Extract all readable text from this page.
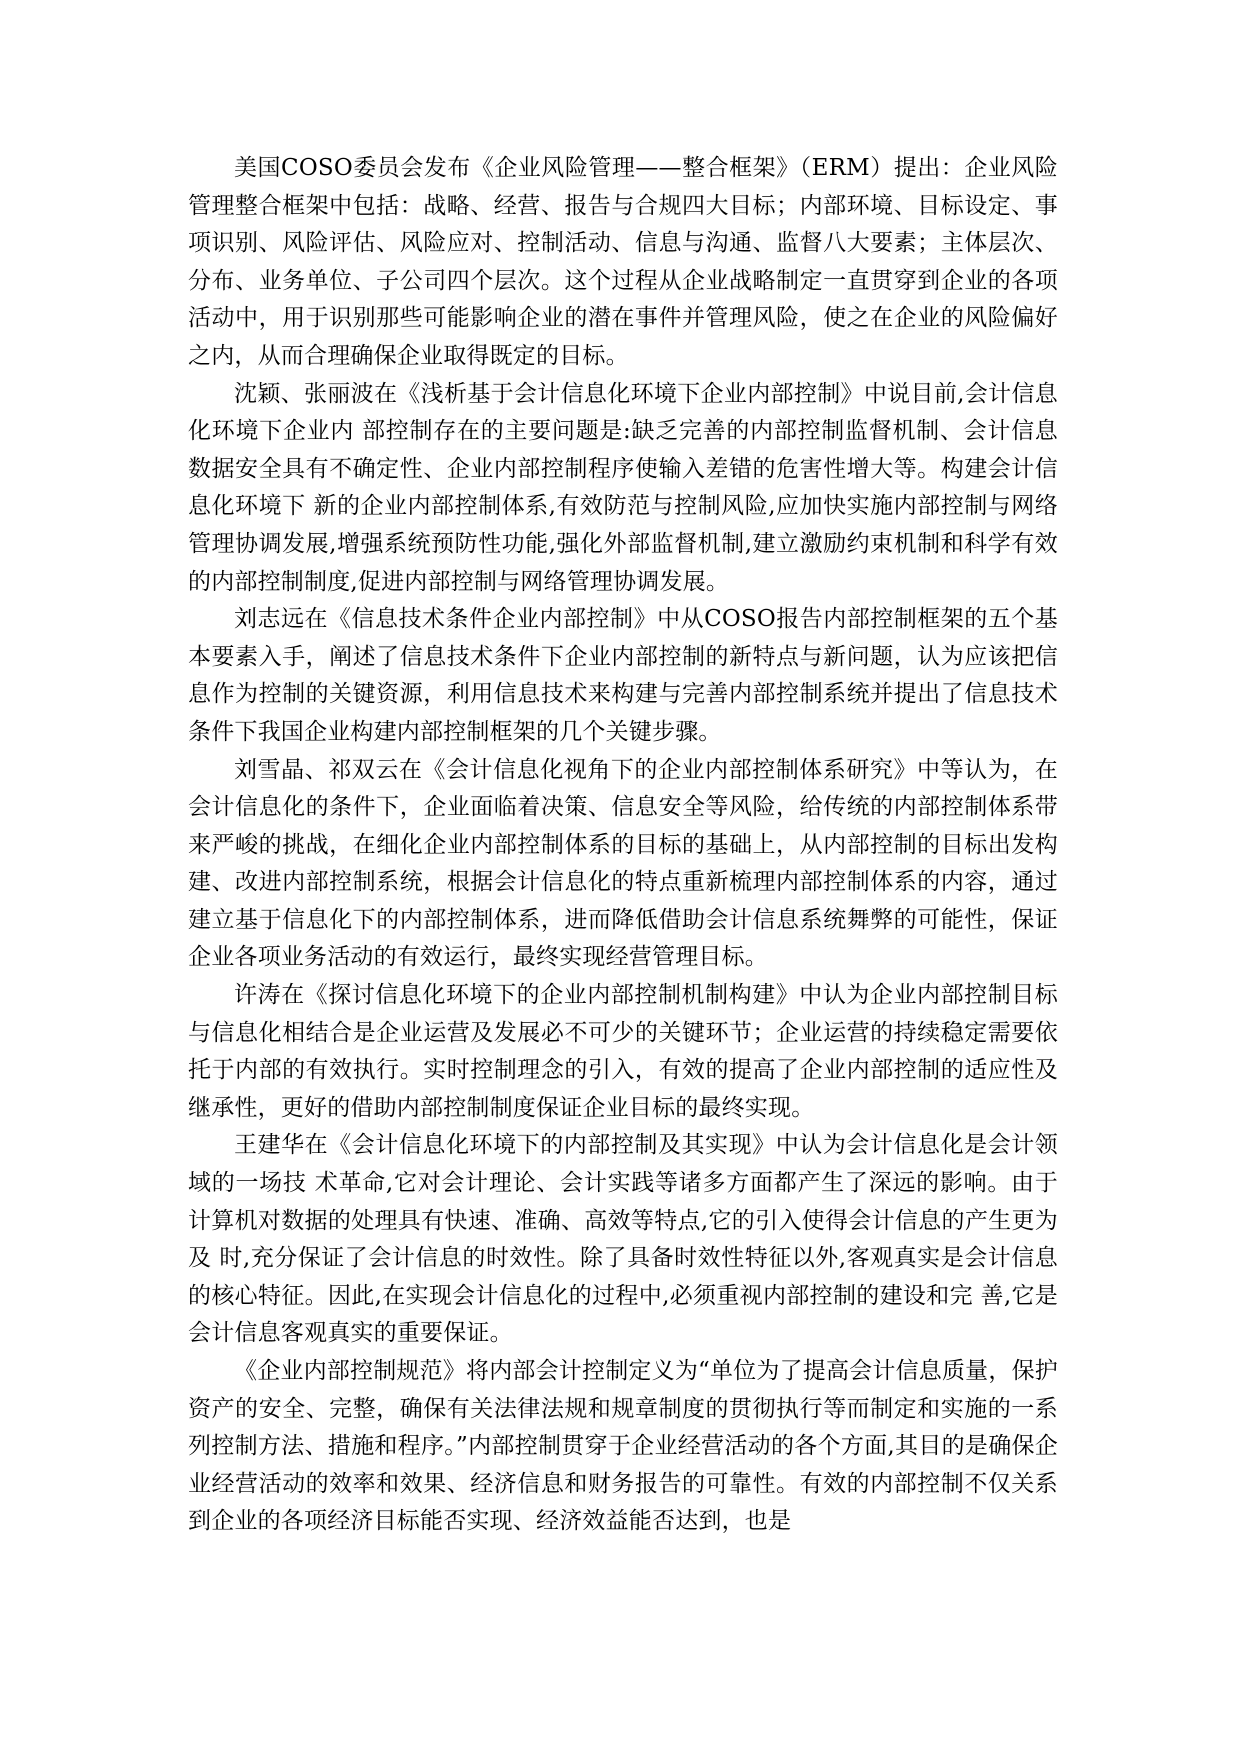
美国COSO委员会发布《企业风险管理——整合框架》（ERM）提出：企业风险管理整合框架中包括：战略、经营、报告与合规四大目标；内部环境、目标设定、事项识别、风险评估、风险应对、控制活动、信息与沟通、监督八大要素；主体层次、分布、业务单位、子公司四个层次。这个过程从企业战略制定一直贯穿到企业的各项活动中，用于识别那些可能影响企业的潜在事件并管理风险，使之在企业的风险偏好之内，从而合理确保企业取得既定的目标。

沈颖、张丽波在《浅析基于会计信息化环境下企业内部控制》中说目前,会计信息化环境下企业内 部控制存在的主要问题是:缺乏完善的内部控制监督机制、会计信息数据安全具有不确定性、企业内部控制程序使输入差错的危害性增大等。构建会计信息化环境下 新的企业内部控制体系,有效防范与控制风险,应加快实施内部控制与网络管理协调发展,增强系统预防性功能,强化外部监督机制,建立激励约束机制和科学有效 的内部控制制度,促进内部控制与网络管理协调发展。

刘志远在《信息技术条件企业内部控制》中从COSO报告内部控制框架的五个基本要素入手，阐述了信息技术条件下企业内部控制的新特点与新问题，认为应该把信息作为控制的关键资源，利用信息技术来构建与完善内部控制系统并提出了信息技术条件下我国企业构建内部控制框架的几个关键步骤。

刘雪晶、祁双云在《会计信息化视角下的企业内部控制体系研究》中等认为，在会计信息化的条件下，企业面临着决策、信息安全等风险，给传统的内部控制体系带来严峻的挑战，在细化企业内部控制体系的目标的基础上，从内部控制的目标出发构建、改进内部控制系统，根据会计信息化的特点重新梳理内部控制体系的内容，通过建立基于信息化下的内部控制体系，进而降低借助会计信息系统舞弊的可能性，保证企业各项业务活动的有效运行，最终实现经营管理目标。

许涛在《探讨信息化环境下的企业内部控制机制构建》中认为企业内部控制目标与信息化相结合是企业运营及发展必不可少的关键环节；企业运营的持续稳定需要依托于内部的有效执行。实时控制理念的引入，有效的提高了企业内部控制的适应性及继承性，更好的借助内部控制制度保证企业目标的最终实现。

王建华在《会计信息化环境下的内部控制及其实现》中认为会计信息化是会计领域的一场技 术革命,它对会计理论、会计实践等诸多方面都产生了深远的影响。由于计算机对数据的处理具有快速、准确、高效等特点,它的引入使得会计信息的产生更为及 时,充分保证了会计信息的时效性。除了具备时效性特征以外,客观真实是会计信息的核心特征。因此,在实现会计信息化的过程中,必须重视内部控制的建设和完 善,它是会计信息客观真实的重要保证。

《企业内部控制规范》将内部会计控制定义为“单位为了提高会计信息质量，保护资产的安全、完整，确保有关法律法规和规章制度的贯彻执行等而制定和实施的一系列控制方法、措施和程序。”内部控制贯穿于企业经营活动的各个方面,其目的是确保企业经营活动的效率和效果、经济信息和财务报告的可靠性。有效的内部控制不仅关系到企业的各项经济目标能否实现、经济效益能否达到，也是
